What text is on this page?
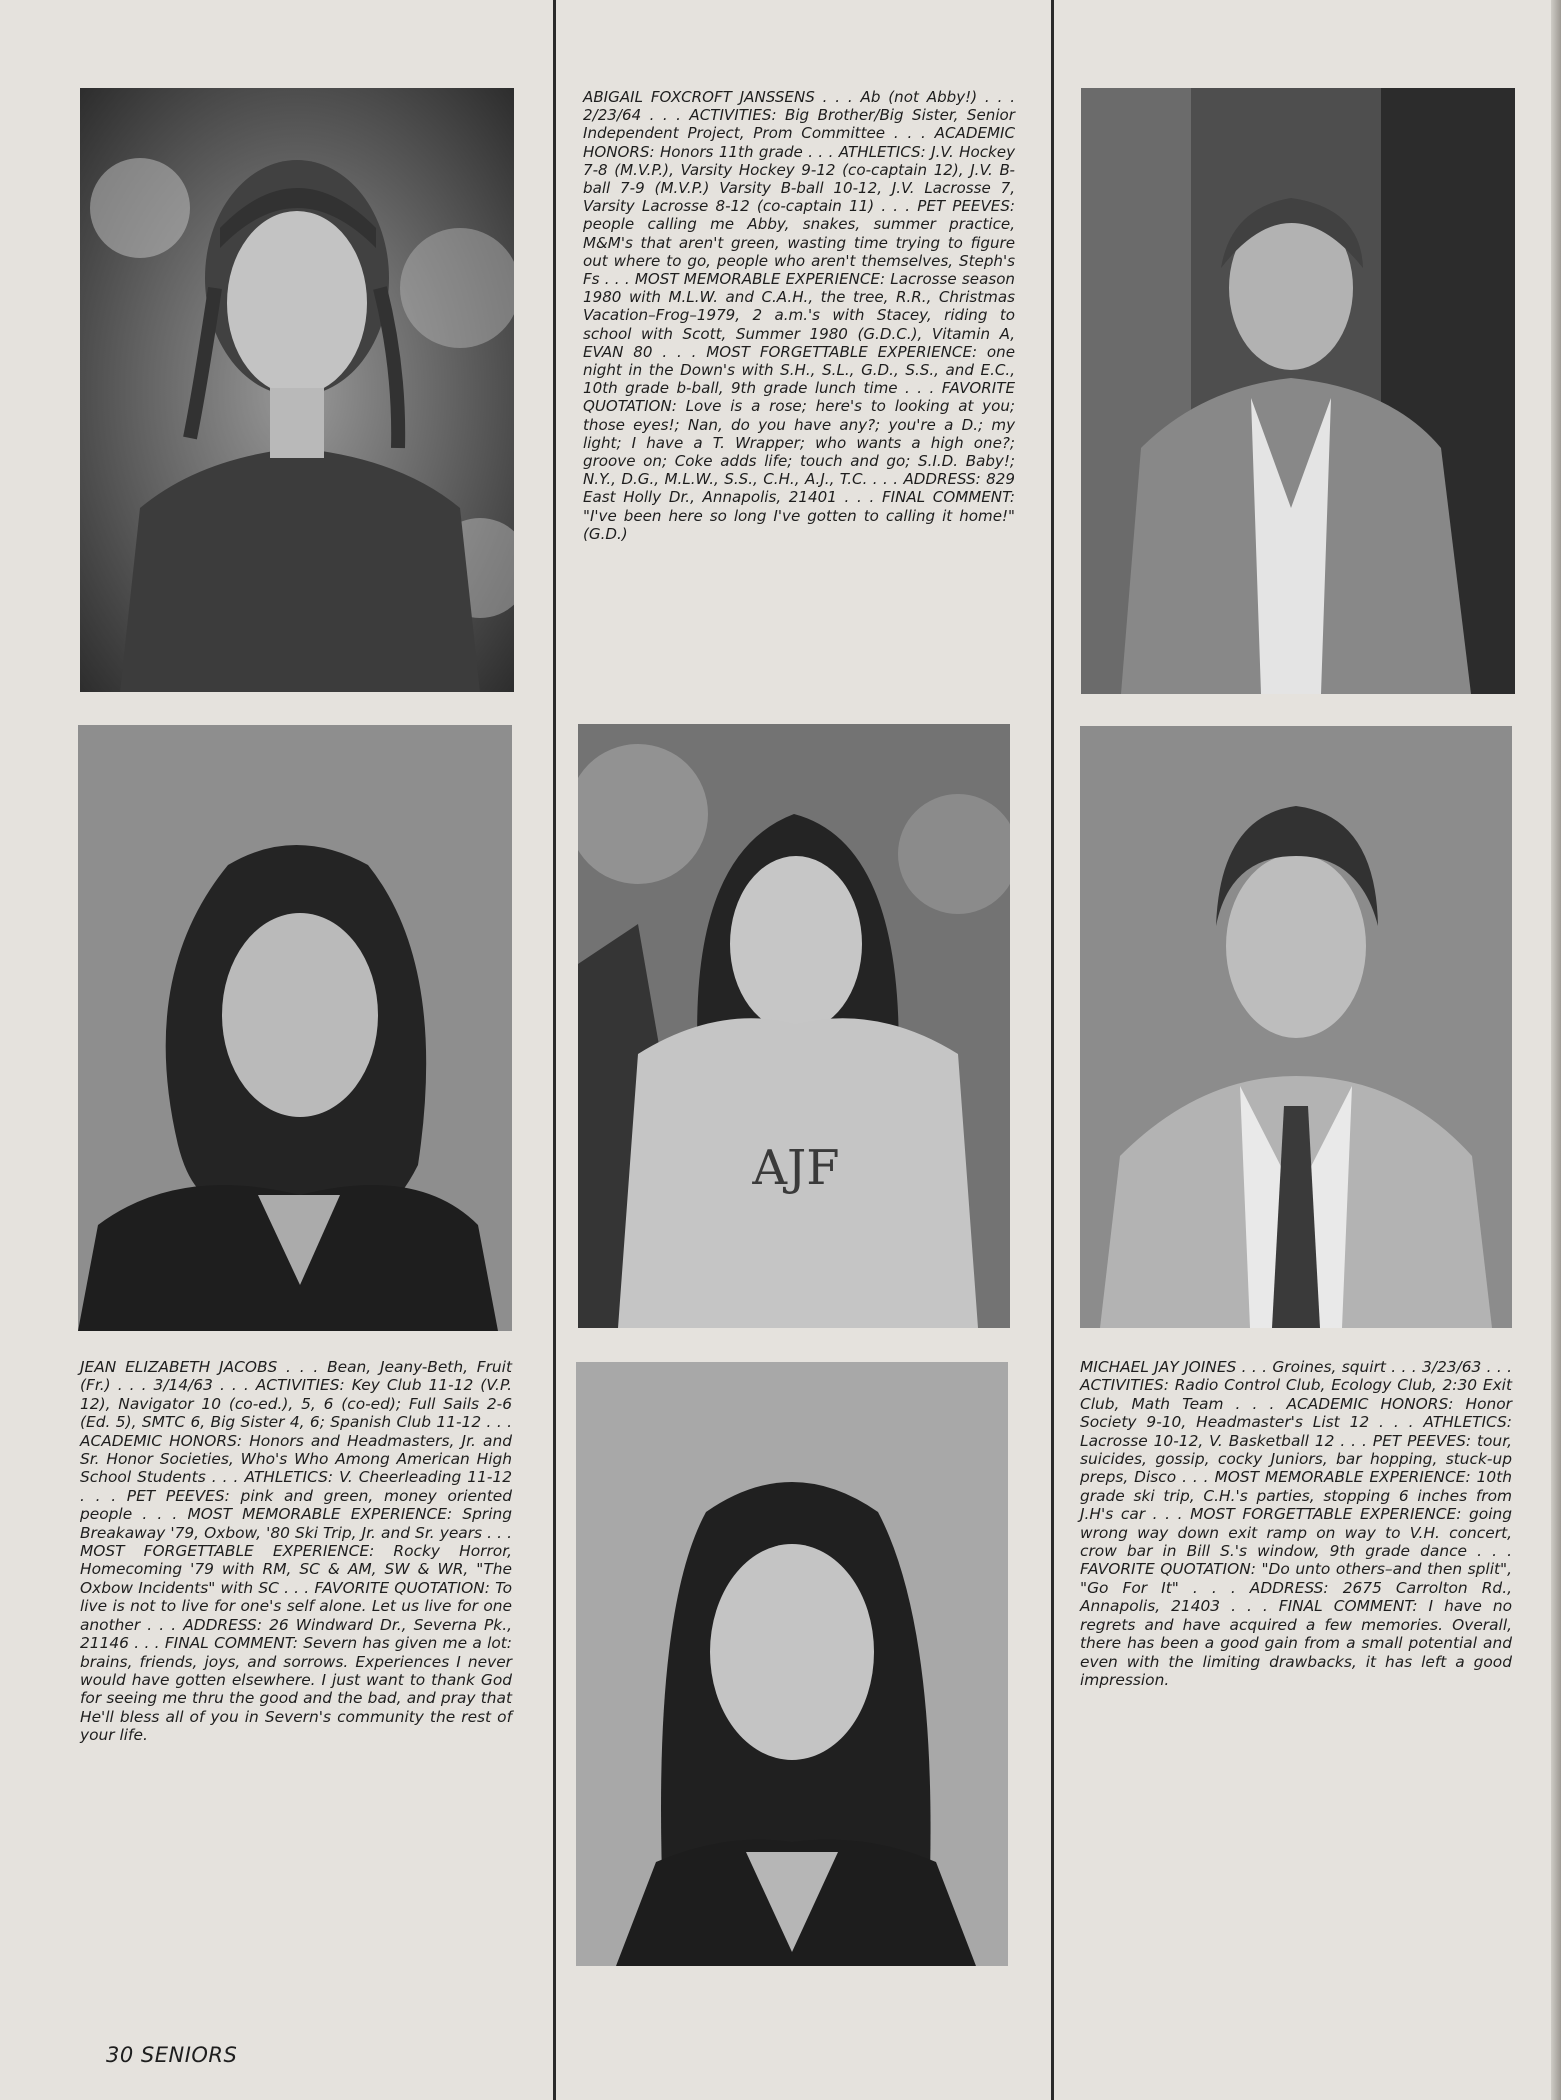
ABIGAIL FOXCROFT JANSSENS . . . Ab (not Abby!) . . . 2/23/64 . . . ACTIVITIES: Big Brother/Big Sister, Senior Independent Project, Prom Committee . . . ACADEMIC HONORS: Honors 11th grade . . . ATHLETICS: J.V. Hockey 7-8 (M.V.P.), Varsity Hockey 9-12 (co-captain 12), J.V. B-ball 7-9 (M.V.P.) Varsity B-ball 10-12, J.V. Lacrosse 7, Varsity Lacrosse 8-12 (co-captain 11) . . . PET PEEVES: people calling me Abby, snakes, summer practice, M&M's that aren't green, wasting time trying to figure out where to go, people who aren't themselves, Steph's Fs . . . MOST MEMORABLE EXPERIENCE: Lacrosse season 1980 with M.L.W. and C.A.H., the tree, R.R., Christmas Vacation–Frog–1979, 2 a.m.'s with Stacey, riding to school with Scott, Summer 1980 (G.D.C.), Vitamin A, EVAN 80 . . . MOST FORGETTABLE EXPERIENCE: one night in the Down's with S.H., S.L., G.D., S.S., and E.C., 10th grade b-ball, 9th grade lunch time . . . FAVORITE QUOTATION: Love is a rose; here's to looking at you; those eyes!; Nan, do you have any?; you're a D.; my light; I have a T. Wrapper; who wants a high one?; groove on; Coke adds life; touch and go; S.I.D. Baby!; N.Y., D.G., M.L.W., S.S., C.H., A.J., T.C. . . . ADDRESS: 829 East Holly Dr., Annapolis, 21401 . . . FINAL COMMENT: "I've been here so long I've gotten to calling it home!" (G.D.)

AJF

JEAN ELIZABETH JACOBS . . . Bean, Jeany-Beth, Fruit (Fr.) . . . 3/14/63 . . . ACTIVITIES: Key Club 11-12 (V.P. 12), Navigator 10 (co-ed.), 5, 6 (co-ed); Full Sails 2-6 (Ed. 5), SMTC 6, Big Sister 4, 6; Spanish Club 11-12 . . . ACADEMIC HONORS: Honors and Headmasters, Jr. and Sr. Honor Societies, Who's Who Among American High School Students . . . ATHLETICS: V. Cheerleading 11-12 . . . PET PEEVES: pink and green, money oriented people . . . MOST MEMORABLE EXPERIENCE: Spring Breakaway '79, Oxbow, '80 Ski Trip, Jr. and Sr. years . . . MOST FORGETTABLE EXPERIENCE: Rocky Horror, Homecoming '79 with RM, SC & AM, SW & WR, "The Oxbow Incidents" with SC . . . FAVORITE QUOTATION: To live is not to live for one's self alone. Let us live for one another . . . ADDRESS: 26 Windward Dr., Severna Pk., 21146 . . . FINAL COMMENT: Severn has given me a lot: brains, friends, joys, and sorrows. Experiences I never would have gotten elsewhere. I just want to thank God for seeing me thru the good and the bad, and pray that He'll bless all of you in Severn's community the rest of your life.

MICHAEL JAY JOINES . . . Groines, squirt . . . 3/23/63 . . . ACTIVITIES: Radio Control Club, Ecology Club, 2:30 Exit Club, Math Team . . . ACADEMIC HONORS: Honor Society 9-10, Headmaster's List 12 . . . ATHLETICS: Lacrosse 10-12, V. Basketball 12 . . . PET PEEVES: tour, suicides, gossip, cocky Juniors, bar hopping, stuck-up preps, Disco . . . MOST MEMORABLE EXPERIENCE: 10th grade ski trip, C.H.'s parties, stopping 6 inches from J.H's car . . . MOST FORGETTABLE EXPERIENCE: going wrong way down exit ramp on way to V.H. concert, crow bar in Bill S.'s window, 9th grade dance . . . FAVORITE QUOTATION: "Do unto others–and then split", "Go For It" . . . ADDRESS: 2675 Carrolton Rd., Annapolis, 21403 . . . FINAL COMMENT: I have no regrets and have acquired a few memories. Overall, there has been a good gain from a small potential and even with the limiting drawbacks, it has left a good impression.

30 SENIORS
